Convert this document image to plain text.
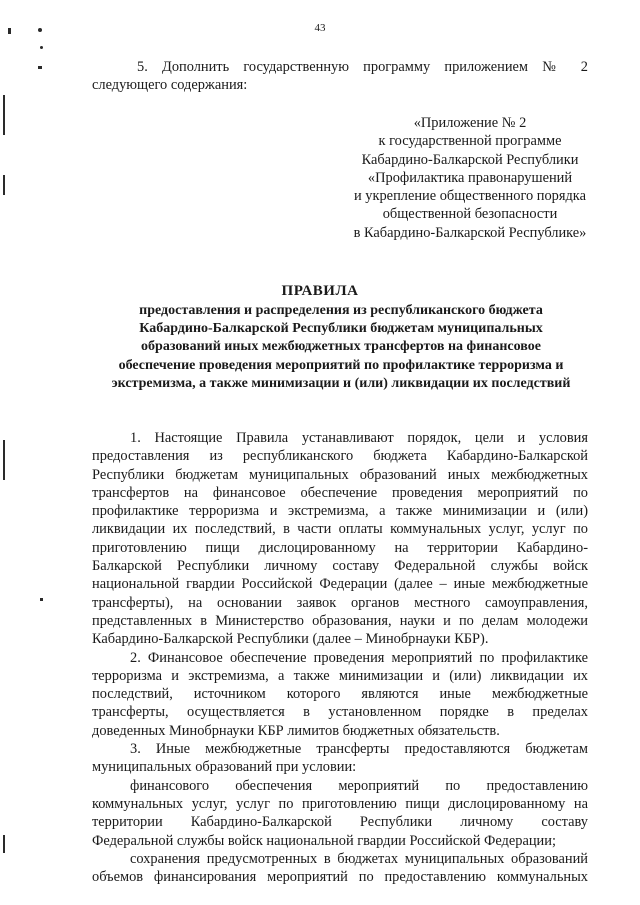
43

5. Дополнить государственную программу приложением № 2

следующего содержания:

«Приложение № 2
к государственной программе
Кабардино-Балкарской Республики
«Профилактика правонарушений
и укрепление общественного порядка
общественной безопасности
в Кабардино-Балкарской Республике»
ПРАВИЛА
предоставления и распределения из республиканского бюджета
Кабардино-Балкарской Республики бюджетам муниципальных
образований иных межбюджетных трансфертов на финансовое
обеспечение проведения мероприятий по профилактике терроризма и
экстремизма, а также минимизации и (или) ликвидации их последствий

1. Настоящие Правила устанавливают порядок, цели и условия

предоставления из республиканского бюджета Кабардино-Балкарской

Республики бюджетам муниципальных образований иных межбюджетных

трансфертов на финансовое обеспечение проведения мероприятий по

профилактике терроризма и экстремизма, а также минимизации и (или)

ликвидации их последствий, в части оплаты коммунальных услуг, услуг по

приготовлению пищи дислоцированному на территории Кабардино-

Балкарской Республики личному составу Федеральной службы войск

национальной гвардии Российской Федерации (далее – иные межбюджетные

трансферты), на основании заявок органов местного самоуправления,

представленных в Министерство образования, науки и по делам молодежи

Кабардино-Балкарской Республики (далее – Минобрнауки КБР).

2. Финансовое обеспечение проведения мероприятий по профилактике

терроризма и экстремизма, а также минимизации и (или) ликвидации их

последствий, источником которого являются иные межбюджетные

трансферты, осуществляется в установленном порядке в пределах

доведенных Минобрнауки КБР лимитов бюджетных обязательств.

3. Иные межбюджетные трансферты предоставляются бюджетам

муниципальных образований при условии:

финансового обеспечения мероприятий по предоставлению

коммунальных услуг, услуг по приготовлению пищи дислоцированному на

территории Кабардино-Балкарской Республики личному составу

Федеральной службы войск национальной гвардии Российской Федерации;

сохранения предусмотренных в бюджетах муниципальных образований

объемов финансирования мероприятий по предоставлению коммунальных
